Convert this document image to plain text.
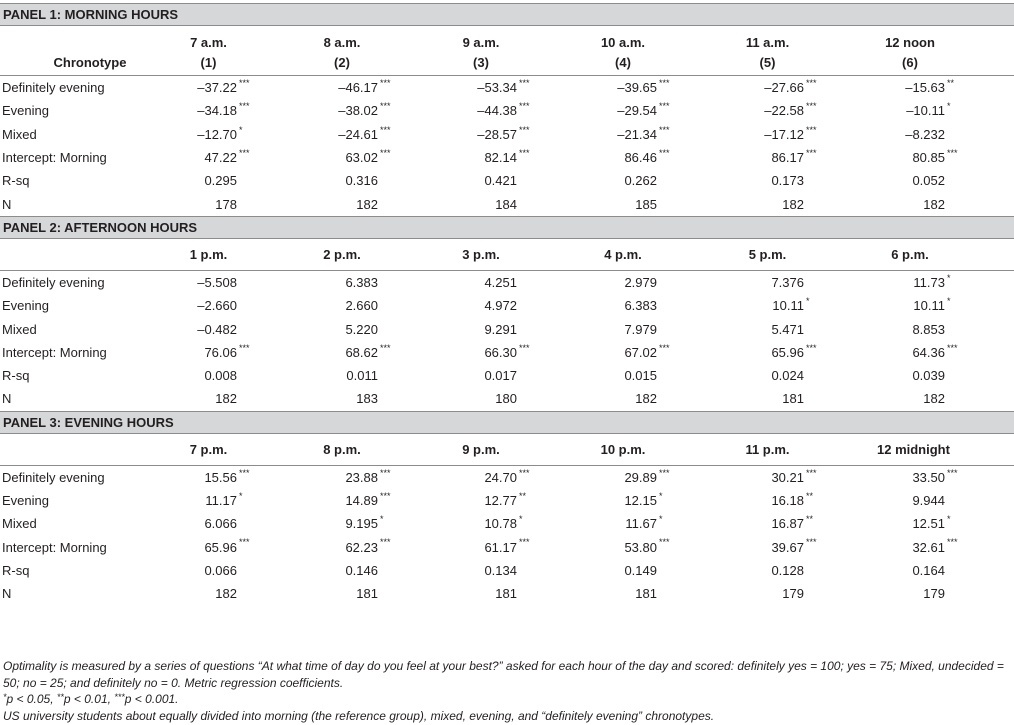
PANEL 1: MORNING HOURS												
	7 a.m.		8 a.m.		9 a.m.		10 a.m.		11 a.m.		12 noon	
Chronotype	(1)		(2)		(3)		(4)		(5)		(6)	
Definitely evening	–37.22	***	–46.17	***	–53.34	***	–39.65	***	–27.66	***	–15.63	**
Evening	–34.18	***	–38.02	***	–44.38	***	–29.54	***	–22.58	***	–10.11	*
Mixed	–12.70	*	–24.61	***	–28.57	***	–21.34	***	–17.12	***	–8.232	
Intercept: Morning	47.22	***	63.02	***	82.14	***	86.46	***	86.17	***	80.85	***
R-sq	0.295		0.316		0.421		0.262		0.173		0.052	
N	178		182		184		185		182		182	
PANEL 2: AFTERNOON HOURS												
	1 p.m.		2 p.m.		3 p.m.		4 p.m.		5 p.m.		6 p.m.	
Definitely evening	–5.508		6.383		4.251		2.979		7.376		11.73	*
Evening	–2.660		2.660		4.972		6.383		10.11	*	10.11	*
Mixed	–0.482		5.220		9.291		7.979		5.471		8.853	
Intercept: Morning	76.06	***	68.62	***	66.30	***	67.02	***	65.96	***	64.36	***
R-sq	0.008		0.011		0.017		0.015		0.024		0.039	
N	182		183		180		182		181		182	
PANEL 3: EVENING HOURS												
	7 p.m.		8 p.m.		9 p.m.		10 p.m.		11 p.m.		12 midnight	
Definitely evening	15.56	***	23.88	***	24.70	***	29.89	***	30.21	***	33.50	***
Evening	11.17	*	14.89	***	12.77	**	12.15	*	16.18	**	9.944	
Mixed	6.066		9.195	*	10.78	*	11.67	*	16.87	**	12.51	*
Intercept: Morning	65.96	***	62.23	***	61.17	***	53.80	***	39.67	***	32.61	***
R-sq	0.066		0.146		0.134		0.149		0.128		0.164	
N	182		181		181		181		179		179	

Optimality is measured by a series of questions “At what time of day do you feel at your best?” asked for each hour of the day and scored: definitely yes = 100; yes = 75; Mixed, undecided = 50; no = 25; and definitely no = 0. Metric regression coefficients.

*p < 0.05, **p < 0.01, ***p < 0.001.

US university students about equally divided into morning (the reference group), mixed, evening, and “definitely evening” chronotypes.
